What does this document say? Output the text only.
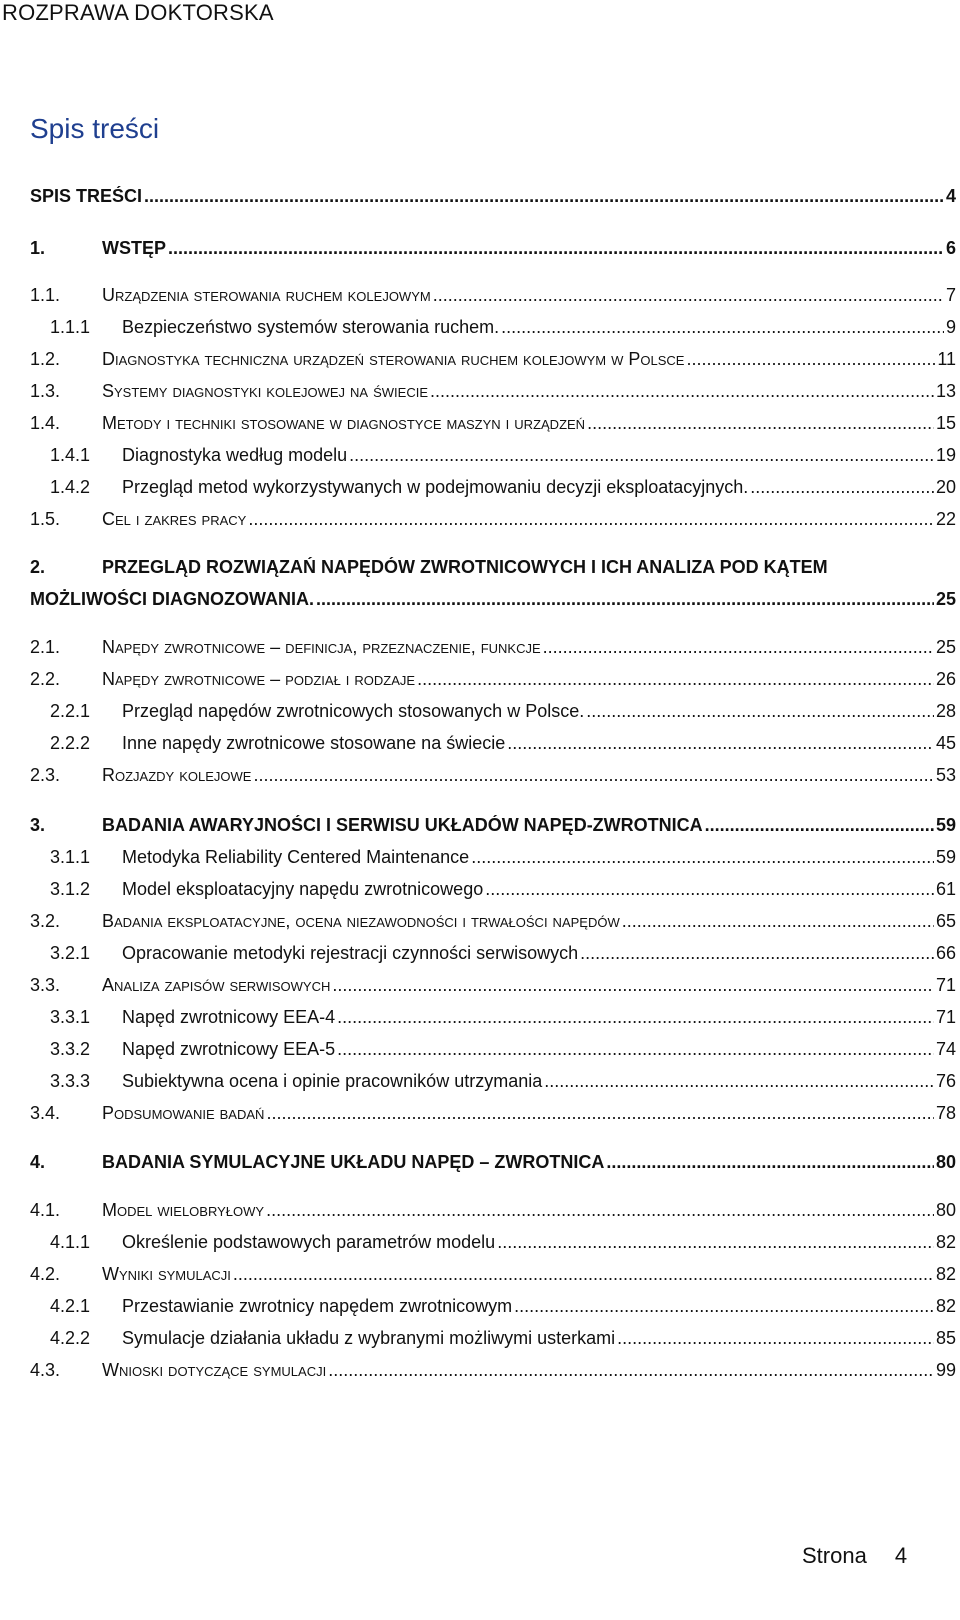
ROZPRAWA DOKTORSKA
Spis treści
SPIS TREŚCI .....	4
1.	WSTĘP .....	6
1.1.	Urządzenia sterowania ruchem kolejowym .....	7
1.1.1	Bezpieczeństwo systemów sterowania ruchem. .....	9
1.2.	Diagnostyka techniczna urządzeń sterowania ruchem kolejowym w Polsce .....	11
1.3.	Systemy diagnostyki kolejowej na świecie .....	13
1.4.	Metody i techniki stosowane w diagnostyce maszyn i urządzeń .....	15
1.4.1	Diagnostyka według modelu .....	19
1.4.2	Przegląd metod wykorzystywanych w podejmowaniu decyzji eksploatacyjnych. .....	20
1.5.	Cel i zakres pracy .....	22
2.	PRZEGLĄD ROZWIĄZAŃ NAPĘDÓW ZWROTNICOWYCH I ICH ANALIZA POD KĄTEM
MOŻLIWOŚCI DIAGNOZOWANIA. .....	25
2.1.	Napędy zwrotnicowe – definicja, przeznaczenie, funkcje .....	25
2.2.	Napędy zwrotnicowe – podział i rodzaje .....	26
2.2.1	Przegląd napędów zwrotnicowych stosowanych w Polsce. .....	28
2.2.2	Inne napędy zwrotnicowe stosowane na świecie .....	45
2.3.	Rozjazdy kolejowe .....	53
3.	BADANIA AWARYJNOŚCI I SERWISU UKŁADÓW NAPĘD-ZWROTNICA .....	59
3.1.1	Metodyka Reliability Centered Maintenance .....	59
3.1.2	Model eksploatacyjny napędu zwrotnicowego .....	61
3.2.	Badania eksploatacyjne, ocena niezawodności i trwałości napędów .....	65
3.2.1	Opracowanie metodyki rejestracji czynności serwisowych .....	66
3.3.	Analiza zapisów serwisowych .....	71
3.3.1	Napęd zwrotnicowy EEA-4 .....	71
3.3.2	Napęd zwrotnicowy EEA-5 .....	74
3.3.3	Subiektywna ocena i opinie pracowników utrzymania .....	76
3.4.	Podsumowanie badań .....	78
4.	BADANIA SYMULACYJNE UKŁADU NAPĘD – ZWROTNICA .....	80
4.1.	Model wielobryłowy .....	80
4.1.1	Określenie podstawowych parametrów modelu .....	82
4.2.	Wyniki symulacji .....	82
4.2.1	Przestawianie zwrotnicy napędem zwrotnicowym .....	82
4.2.2	Symulacje działania układu z wybranymi możliwymi usterkami .....	85
4.3.	Wnioski dotyczące symulacji .....	99
Strona 4
